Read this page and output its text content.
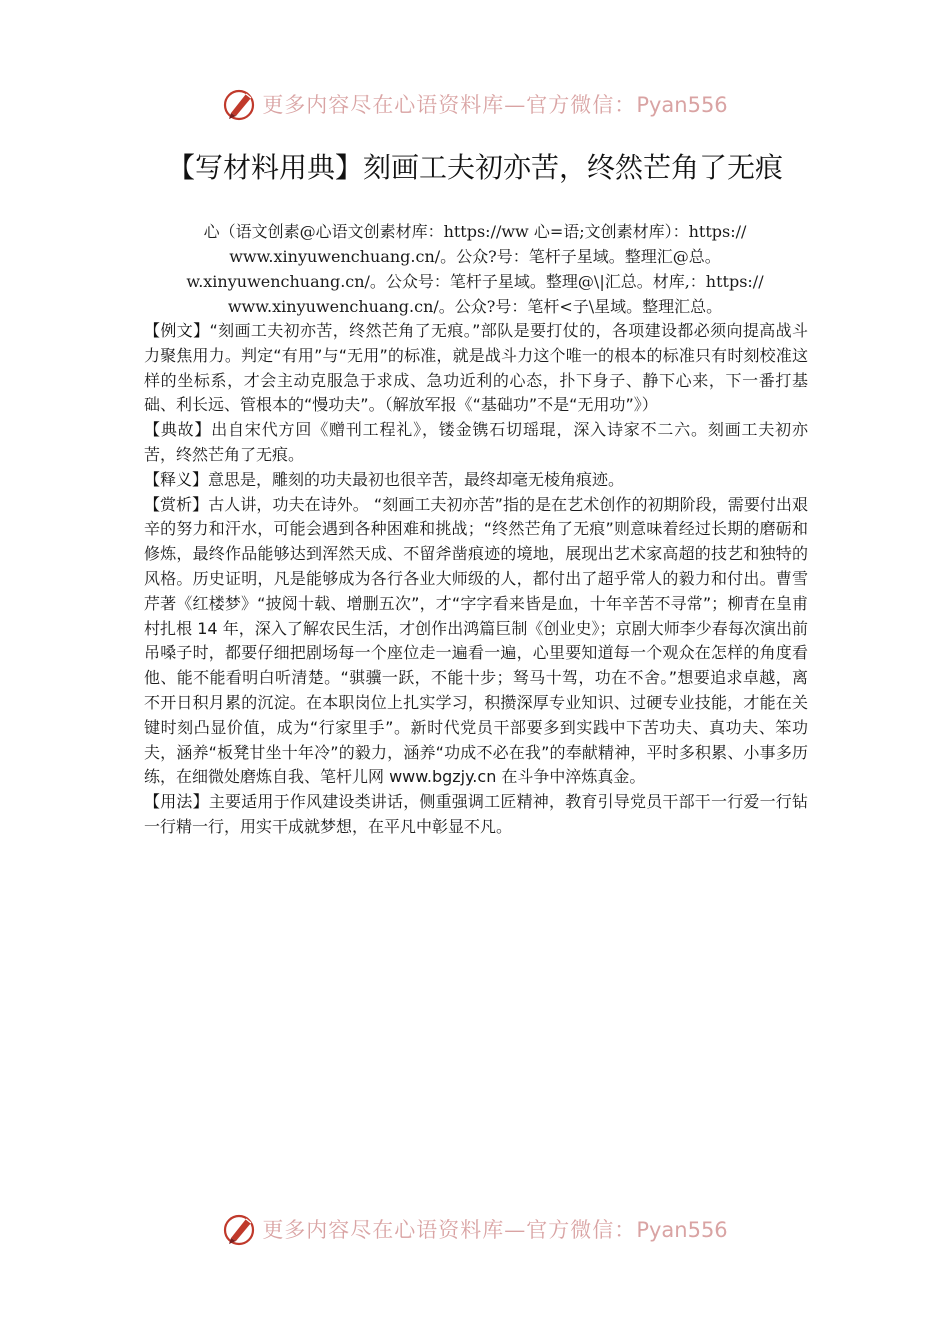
更多内容尽在心语资料库—官方微信：Pyan556
【写材料用典】刻画工夫初亦苦，终然芒角了无痕
心（语文创素@心语文创素材库：https://ww 心=语;文创素材库）：https://
www.xinyuwenchuang.cn/。公众?号：笔杆子星域。整理汇@总。
w.xinyuwenchuang.cn/。公众号：笔杆子星域。整理@\|汇总。材库,：https://
www.xinyuwenchuang.cn/。公众?号：笔杆<子\星域。整理汇总。

【例文】“刻画工夫初亦苦，终然芒角了无痕。”部队是要打仗的，各项建设都必须向提高战斗力聚焦用力。判定“有用”与“无用”的标准，就是战斗力这个唯一的根本的标准只有时刻校准这样的坐标系，才会主动克服急于求成、急功近利的心态，扑下身子、静下心来，下一番打基础、利长远、管根本的“慢功夫”。（解放军报《“基础功”不是“无用功”》）

【典故】出自宋代方回《赠刊工程礼》，镂金镌石切瑶琨，深入诗家不二六。刻画工夫初亦苦，终然芒角了无痕。

【释义】意思是，雕刻的功夫最初也很辛苦，最终却毫无棱角痕迹。

【赏析】古人讲，功夫在诗外。 “刻画工夫初亦苦”指的是在艺术创作的初期阶段，需要付出艰辛的努力和汗水，可能会遇到各种困难和挑战；“终然芒角了无痕”则意味着经过长期的磨砺和修炼，最终作品能够达到浑然天成、不留斧凿痕迹的境地，展现出艺术家高超的技艺和独特的风格。历史证明，凡是能够成为各行各业大师级的人，都付出了超乎常人的毅力和付出。曹雪芹著《红楼梦》“披阅十载、增删五次”，才“字字看来皆是血，十年辛苦不寻常”；柳青在皇甫村扎根 14 年，深入了解农民生活，才创作出鸿篇巨制《创业史》；京剧大师李少春每次演出前吊嗓子时，都要仔细把剧场每一个座位走一遍看一遍，心里要知道每一个观众在怎样的角度看他、能不能看明白听清楚。“骐骥一跃，不能十步；驽马十驾，功在不舍。”想要追求卓越，离不开日积月累的沉淀。在本职岗位上扎实学习，积攒深厚专业知识、过硬专业技能，才能在关键时刻凸显价值，成为“行家里手”。新时代党员干部要多到实践中下苦功夫、真功夫、笨功夫，涵养“板凳甘坐十年冷”的毅力，涵养“功成不必在我”的奉献精神，平时多积累、小事多历练，在细微处磨炼自我、笔杆儿网 www.bgzjy.cn 在斗争中淬炼真金。

【用法】主要适用于作风建设类讲话，侧重强调工匠精神，教育引导党员干部干一行爱一行钻一行精一行，用实干成就梦想，在平凡中彰显不凡。

更多内容尽在心语资料库—官方微信：Pyan556
